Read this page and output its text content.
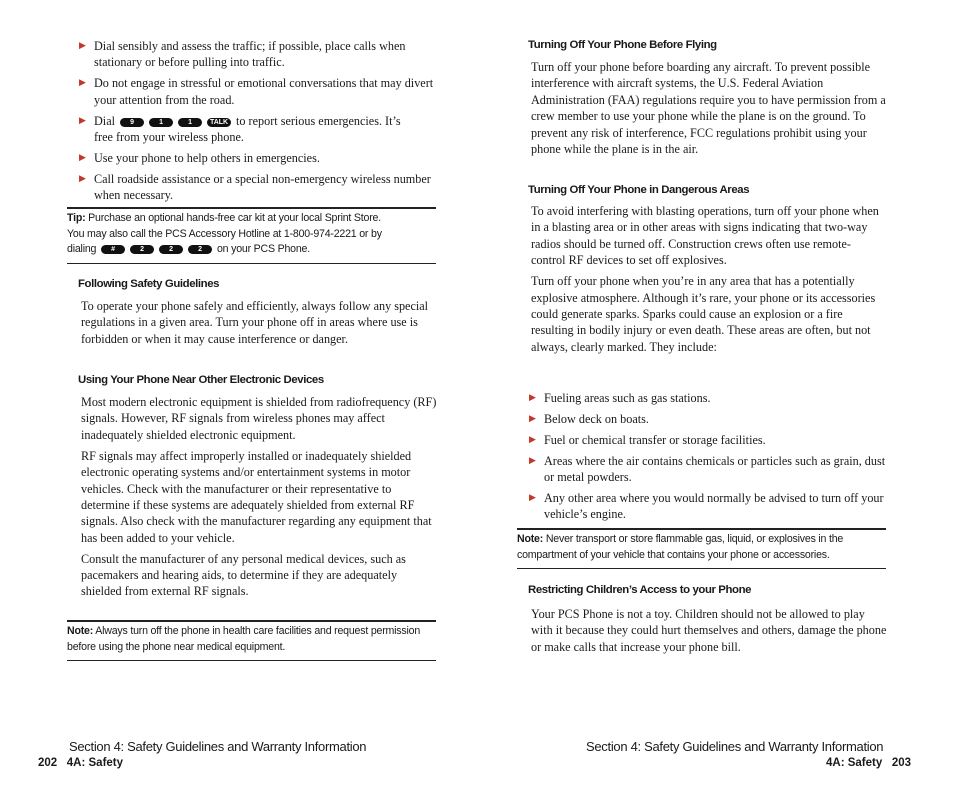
▶ Dial sensibly and assess the traffic; if possible, place calls when stationary or before pulling into traffic.
▶ Do not engage in stressful or emotional conversations that may divert your attention from the road.
▶ Dial 9	1	1	TALK to report serious emergencies. It’s
free from your wireless phone.
▶ Use your phone to help others in emergencies.
▶ Call roadside assistance or a special non-emergency wireless number when necessary.
Tip: Purchase an optional hands-free car kit at your local Sprint Store.
You may also call the PCS Accessory Hotline at 1-800-974-2221 or by
dialing #	2	2	2 on your PCS Phone.
Following Safety Guidelines

To operate your phone safely and efficiently, always follow any special regulations in a given area. Turn your phone off in areas where use is forbidden or when it may cause interference or danger.

Using Your Phone Near Other Electronic Devices

Most modern electronic equipment is shielded from radiofrequency (RF) signals. However, RF signals from wireless phones may affect inadequately shielded electronic equipment.

RF signals may affect improperly installed or inadequately shielded electronic operating systems and/or entertainment systems in motor vehicles. Check with the manufacturer or their representative to determine if these systems are adequately shielded from external RF signals. Also check with the manufacturer regarding any equipment that has been added to your vehicle.

Consult the manufacturer of any personal medical devices, such as pacemakers and hearing aids, to determine if they are adequately shielded from external RF signals.

Note: Always turn off the phone in health care facilities and request permission before using the phone near medical equipment.
Section 4: Safety Guidelines and Warranty Information
202 4A: Safety
Turning Off Your Phone Before Flying

Turn off your phone before boarding any aircraft. To prevent possible interference with aircraft systems, the U.S. Federal Aviation Administration (FAA) regulations require you to have permission from a crew member to use your phone while the plane is on the ground. To prevent any risk of interference, FCC regulations prohibit using your phone while the plane is in the air.

Turning Off Your Phone in Dangerous Areas

To avoid interfering with blasting operations, turn off your phone when in a blasting area or in other areas with signs indicating that two-way radios should be turned off. Construction crews often use remote-control RF devices to set off explosives.

Turn off your phone when you’re in any area that has a potentially explosive atmosphere. Although it’s rare, your phone or its accessories could generate sparks. Sparks could cause an explosion or a fire resulting in bodily injury or even death. These areas are often, but not always, clearly marked. They include:

▶ Fueling areas such as gas stations.
▶ Below deck on boats.
▶ Fuel or chemical transfer or storage facilities.
▶ Areas where the air contains chemicals or particles such as grain, dust or metal powders.
▶ Any other area where you would normally be advised to turn off your vehicle’s engine.
Note: Never transport or store flammable gas, liquid, or explosives in the compartment of your vehicle that contains your phone or accessories.
Restricting Children’s Access to your Phone

Your PCS Phone is not a toy. Children should not be allowed to play with it because they could hurt themselves and others, damage the phone or make calls that increase your phone bill.

Section 4: Safety Guidelines and Warranty Information
4A: Safety 203
